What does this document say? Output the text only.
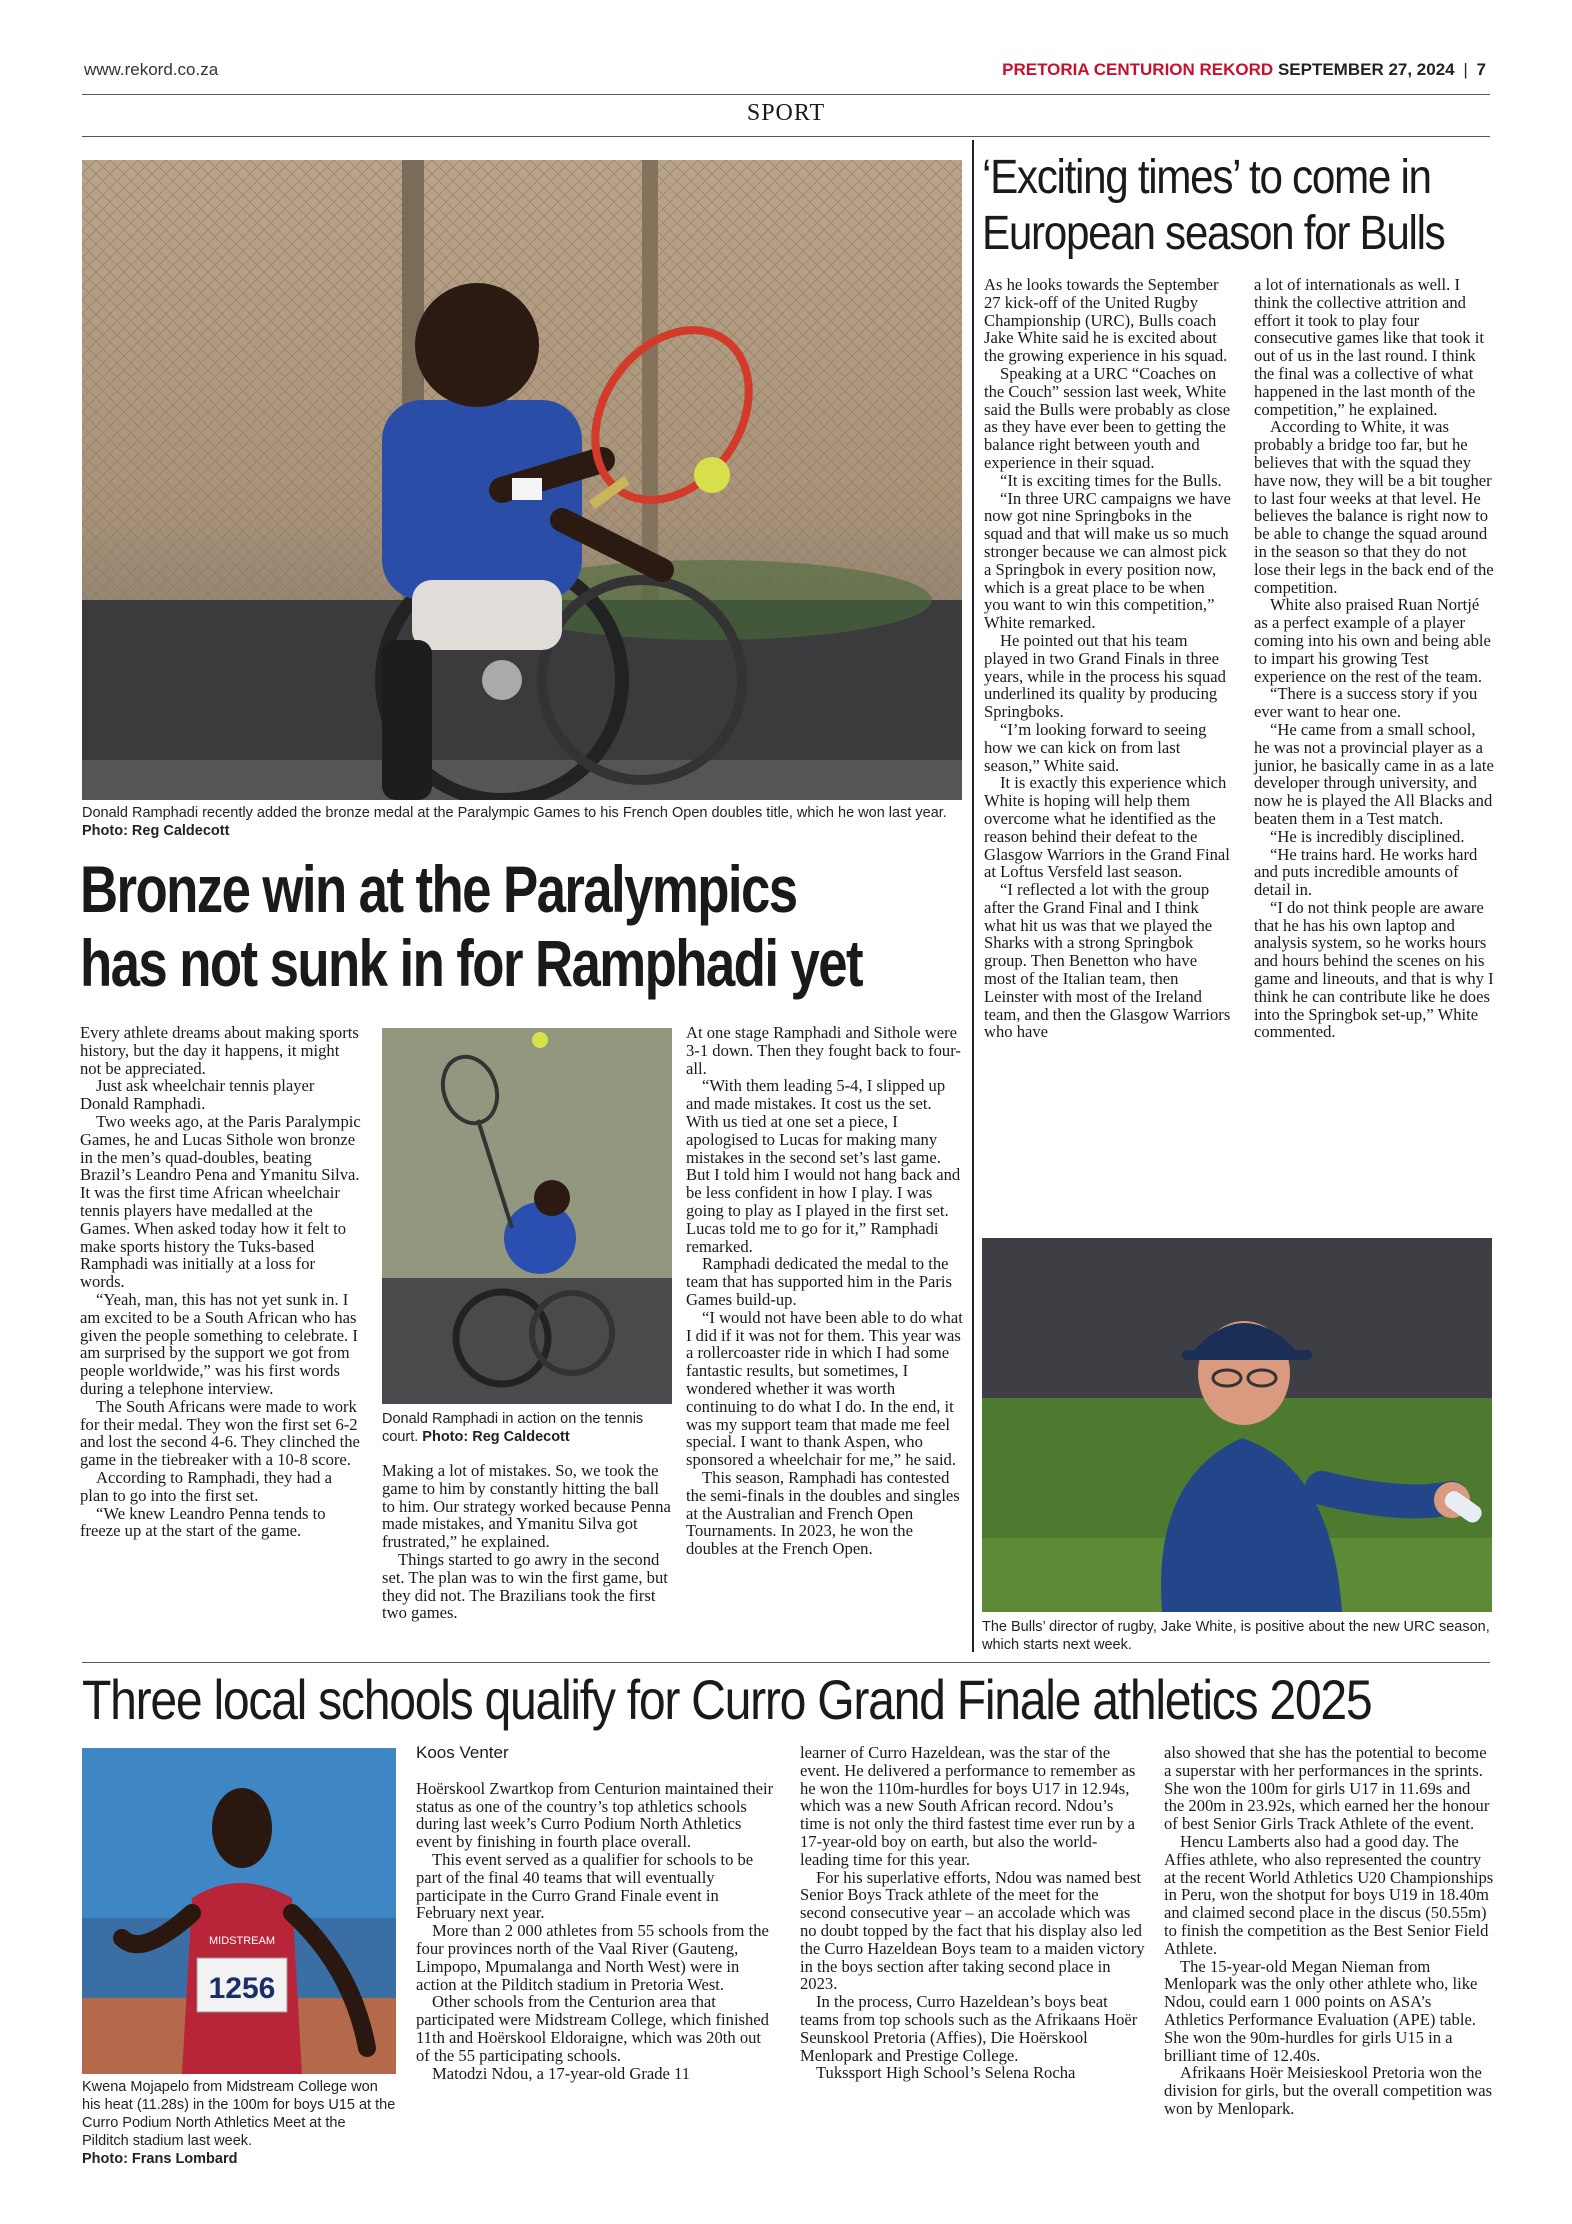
www.rekord.co.za	PRETORIA CENTURION REKORD SEPTEMBER 27, 2024 | 7
SPORT
Donald Ramphadi recently added the bronze medal at the Paralympic Games to his French Open doubles title, which he won last year. Photo: Reg Caldecott
Bronze win at the Paralympics
has not sunk in for Ramphadi yet

Every athlete dreams about making sports history, but the day it happens, it might not be appreciated.

Just ask wheelchair tennis player Donald Ramphadi.

Two weeks ago, at the Paris Paralympic Games, he and Lucas Sithole won bronze in the men’s quad-doubles, beating Brazil’s Leandro Pena and Ymanitu Silva. It was the first time African wheelchair tennis players have medalled at the Games. When asked today how it felt to make sports history the Tuks-based Ramphadi was initially at a loss for words.

“Yeah, man, this has not yet sunk in. I am excited to be a South African who has given the people something to celebrate. I am surprised by the support we got from people worldwide,” was his first words during a telephone interview.

The South Africans were made to work for their medal. They won the first set 6-2 and lost the second 4-6. They clinched the game in the tiebreaker with a 10-8 score.

According to Ramphadi, they had a plan to go into the first set.

“We knew Leandro Penna tends to freeze up at the start of the game.

Donald Ramphadi in action on the tennis court. Photo: Reg Caldecott

Making a lot of mistakes. So, we took the game to him by constantly hitting the ball to him. Our strategy worked because Penna made mistakes, and Ymanitu Silva got frustrated,” he explained.

Things started to go awry in the second set. The plan was to win the first game, but they did not. The Brazilians took the first two games.

At one stage Ramphadi and Sithole were 3-1 down. Then they fought back to four-all.

“With them leading 5-4, I slipped up and made mistakes. It cost us the set. With us tied at one set a piece, I apologised to Lucas for making many mistakes in the second set’s last game. But I told him I would not hang back and be less confident in how I play. I was going to play as I played in the first set. Lucas told me to go for it,” Ramphadi remarked.

Ramphadi dedicated the medal to the team that has supported him in the Paris Games build-up.

“I would not have been able to do what I did if it was not for them. This year was a rollercoaster ride in which I had some fantastic results, but sometimes, I wondered whether it was worth continuing to do what I do. In the end, it was my support team that made me feel special. I want to thank Aspen, who sponsored a wheelchair for me,” he said.

This season, Ramphadi has contested the semi-finals in the doubles and singles at the Australian and French Open Tournaments. In 2023, he won the doubles at the French Open.

‘Exciting times’ to come in
European season for Bulls

As he looks towards the September 27 kick-off of the United Rugby Championship (URC), Bulls coach Jake White said he is excited about the growing experience in his squad.

Speaking at a URC “Coaches on the Couch” session last week, White said the Bulls were probably as close as they have ever been to getting the balance right between youth and experience in their squad.

“It is exciting times for the Bulls.

“In three URC campaigns we have now got nine Springboks in the squad and that will make us so much stronger because we can almost pick a Springbok in every position now, which is a great place to be when you want to win this competition,” White remarked.

He pointed out that his team played in two Grand Finals in three years, while in the process his squad underlined its quality by producing Springboks.

“I’m looking forward to seeing how we can kick on from last season,” White said.

It is exactly this experience which White is hoping will help them overcome what he identified as the reason behind their defeat to the Glasgow Warriors in the Grand Final at Loftus Versfeld last season.

“I reflected a lot with the group after the Grand Final and I think what hit us was that we played the Sharks with a strong Springbok group. Then Benetton who have most of the Italian team, then Leinster with most of the Ireland team, and then the Glasgow Warriors who have

a lot of internationals as well. I think the collective attrition and effort it took to play four consecutive games like that took it out of us in the last round. I think the final was a collective of what happened in the last month of the competition,” he explained.

According to White, it was probably a bridge too far, but he believes that with the squad they have now, they will be a bit tougher to last four weeks at that level. He believes the balance is right now to be able to change the squad around in the season so that they do not lose their legs in the back end of the competition.

White also praised Ruan Nortjé as a perfect example of a player coming into his own and being able to impart his growing Test experience on the rest of the team.

“There is a success story if you ever want to hear one.

“He came from a small school, he was not a provincial player as a junior, he basically came in as a late developer through university, and now he is played the All Blacks and beaten them in a Test match.

“He is incredibly disciplined.

“He trains hard. He works hard and puts incredible amounts of detail in.

“I do not think people are aware that he has his own laptop and analysis system, so he works hours and hours behind the scenes on his game and lineouts, and that is why I think he can contribute like he does into the Springbok set-up,” White commented.

The Bulls’ director of rugby, Jake White, is positive about the new URC season, which starts next week.
Three local schools qualify for Curro Grand Finale athletics 2025
1256
MIDSTREAM
Kwena Mojapelo from Midstream College won his heat (11.28s) in the 100m for boys U15 at the Curro Podium North Athletics Meet at the Pilditch stadium last week.
Photo: Frans Lombard
Koos Venter

Hoërskool Zwartkop from Centurion maintained their status as one of the country’s top athletics schools during last week’s Curro Podium North Athletics event by finishing in fourth place overall.

This event served as a qualifier for schools to be part of the final 40 teams that will eventually participate in the Curro Grand Finale event in February next year.

More than 2 000 athletes from 55 schools from the four provinces north of the Vaal River (Gauteng, Limpopo, Mpumalanga and North West) were in action at the Pilditch stadium in Pretoria West.

Other schools from the Centurion area that participated were Midstream College, which finished 11th and Hoërskool Eldoraigne, which was 20th out of the 55 participating schools.

Matodzi Ndou, a 17-year-old Grade 11

learner of Curro Hazeldean, was the star of the event. He delivered a performance to remember as he won the 110m-hurdles for boys U17 in 12.94s, which was a new South African record. Ndou’s time is not only the third fastest time ever run by a 17-year-old boy on earth, but also the world-leading time for this year.

For his superlative efforts, Ndou was named best Senior Boys Track athlete of the meet for the second consecutive year – an accolade which was no doubt topped by the fact that his display also led the Curro Hazeldean Boys team to a maiden victory in the boys section after taking second place in 2023.

In the process, Curro Hazeldean’s boys beat teams from top schools such as the Afrikaans Hoër Seunskool Pretoria (Affies), Die Hoërskool Menlopark and Prestige College.

Tukssport High School’s Selena Rocha

also showed that she has the potential to become a superstar with her performances in the sprints. She won the 100m for girls U17 in 11.69s and the 200m in 23.92s, which earned her the honour of best Senior Girls Track Athlete of the event.

Hencu Lamberts also had a good day. The Affies athlete, who also represented the country at the recent World Athletics U20 Championships in Peru, won the shotput for boys U19 in 18.40m and claimed second place in the discus (50.55m) to finish the competition as the Best Senior Field Athlete.

The 15-year-old Megan Nieman from Menlopark was the only other athlete who, like Ndou, could earn 1 000 points on ASA’s Athletics Performance Evaluation (APE) table. She won the 90m-hurdles for girls U15 in a brilliant time of 12.40s.

Afrikaans Hoër Meisieskool Pretoria won the division for girls, but the overall competition was won by Menlopark.
